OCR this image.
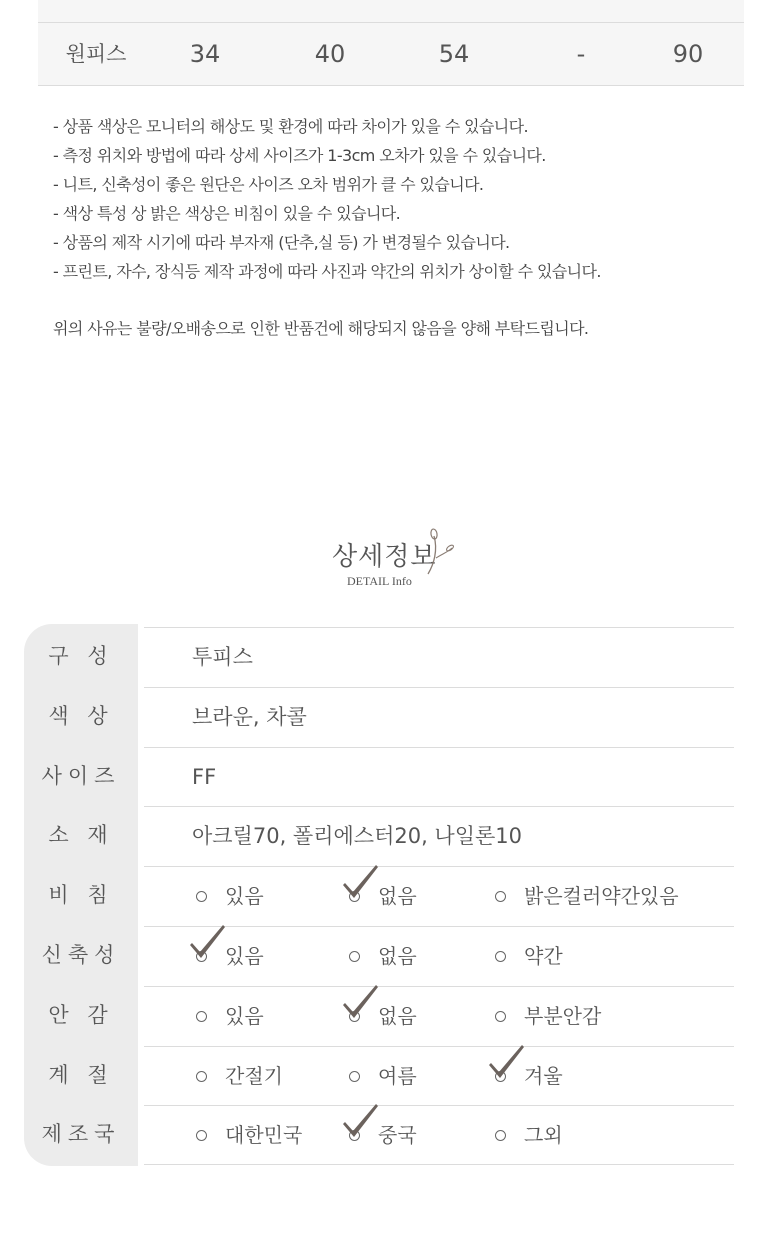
원피스	34	40	54	-	90
- 상품 색상은 모니터의 해상도 및 환경에 따라 차이가 있을 수 있습니다.
- 측정 위치와 방법에 따라 상세 사이즈가 1-3cm 오차가 있을 수 있습니다.
- 니트, 신축성이 좋은 원단은 사이즈 오차 범위가 클 수 있습니다.
- 색상 특성 상 밝은 색상은 비침이 있을 수 있습니다.
- 상품의 제작 시기에 따라 부자재 (단추,실 등) 가 변경될수 있습니다.
- 프린트, 자수, 장식등 제작 과정에 따라 사진과 약간의 위치가 상이할 수 있습니다.
위의 사유는 불량/오배송으로 인한 반품건에 해당되지 않음을 양해 부탁드립니다.
상세정보
DETAIL Info
구 성	투피스
색 상	브라운, 차콜
사이즈	FF
소 재	아크릴70, 폴리에스터20, 나일론10
비 침	있음	없음	밝은컬러약간있음
신축성	있음	없음	약간
안 감	있음	없음	부분안감
계 절	간절기	여름	겨울
제조국	대한민국	중국	그외
